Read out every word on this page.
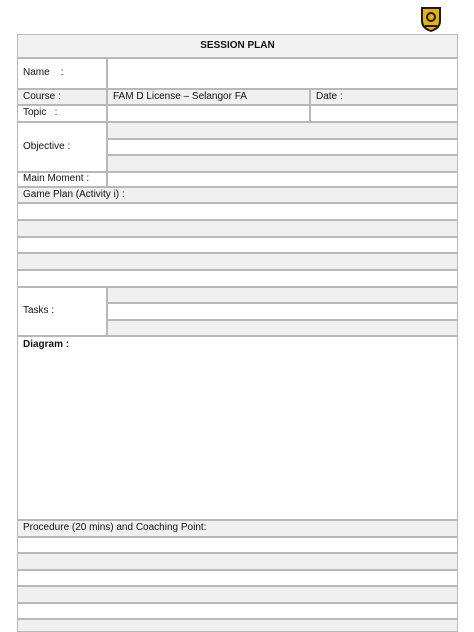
SESSION PLAN
Name    :
Course :	FAM D License – Selangor FA	Date :
Topic   :
Objective :
Main Moment :
Game Plan (Activity i) :
Tasks :
Diagram :
Procedure (20 mins) and Coaching Point:
